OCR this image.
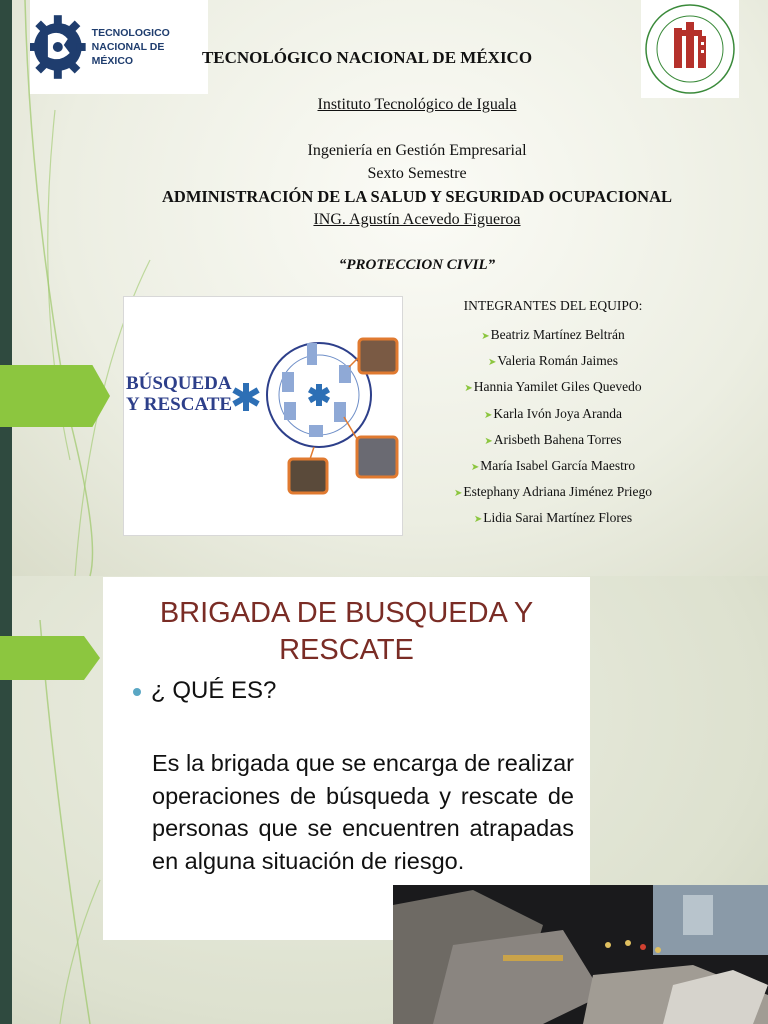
TECNOLOGICO
NACIONAL DE MÉXICO	TECNOLÓGICO NACIONAL DE MÉXICO
Instituto Tecnológico de Iguala
Ingeniería en Gestión Empresarial
Sexto Semestre
ADMINISTRACIÓN DE LA SALUD Y SEGURIDAD OCUPACIONAL
ING. Agustín Acevedo Figueroa
“PROTECCION CIVIL”
BÚSQUEDA
Y RESCATE
INTEGRANTES DEL EQUIPO:
➤Beatriz Martínez Beltrán
➤Valeria Román Jaimes
➤Hannia Yamilet Giles Quevedo
➤Karla Ivón Joya Aranda
➤Arisbeth Bahena Torres
➤María Isabel García Maestro
➤Estephany Adriana Jiménez Priego
➤Lidia Sarai Martínez Flores
BRIGADA DE BUSQUEDA Y
RESCATE
¿ QUÉ ES?
Es la brigada que se encarga de realizar operaciones de búsqueda y rescate de personas que se encuentren atrapadas en alguna situación de riesgo.
